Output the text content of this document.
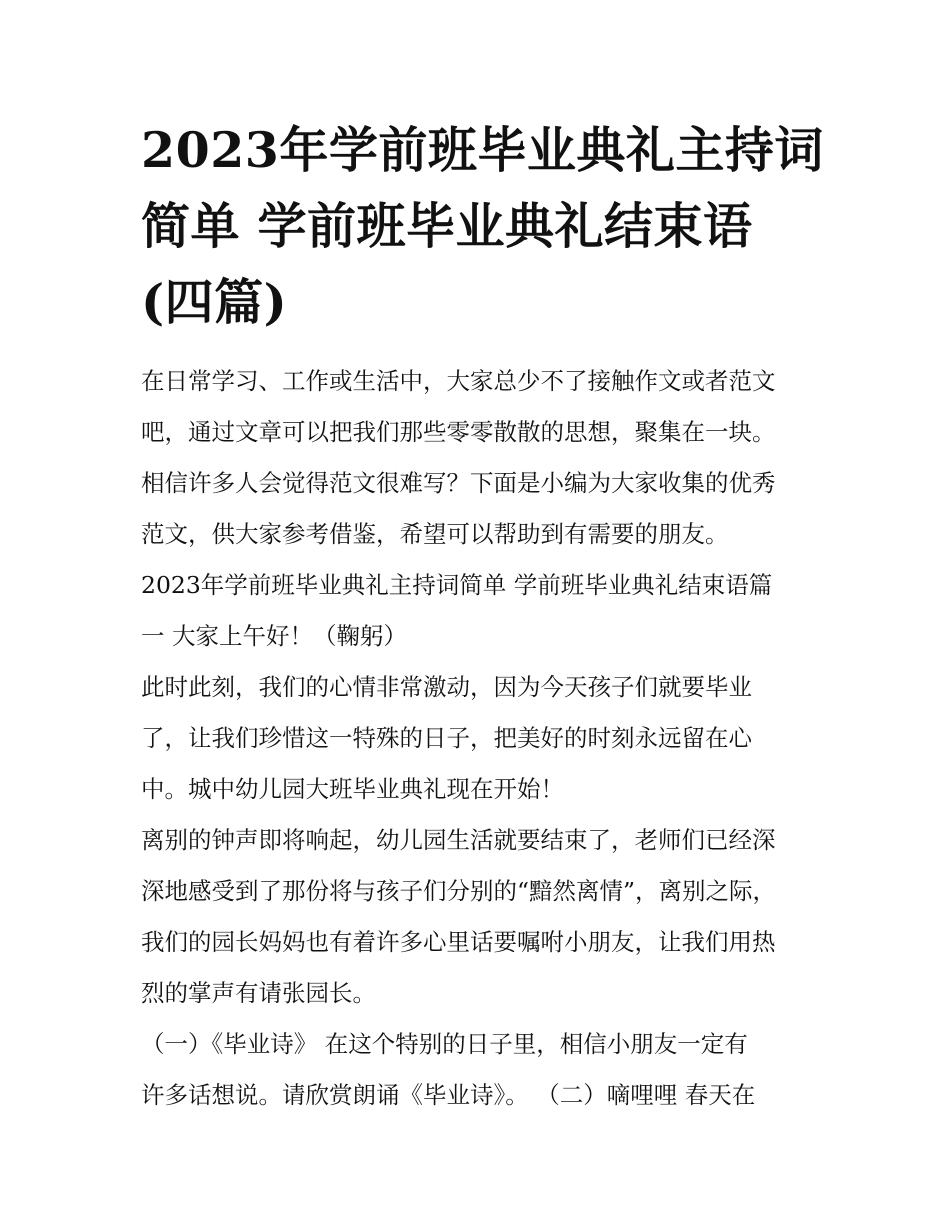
2023年学前班毕业典礼主持词
简单 学前班毕业典礼结束语
(四篇)
在日常学习、工作或生活中，大家总少不了接触作文或者范文
吧，通过文章可以把我们那些零零散散的思想，聚集在一块。
相信许多人会觉得范文很难写？下面是小编为大家收集的优秀
范文，供大家参考借鉴，希望可以帮助到有需要的朋友。
2023年学前班毕业典礼主持词简单 学前班毕业典礼结束语篇
一 大家上午好！（鞠躬）
此时此刻，我们的心情非常激动，因为今天孩子们就要毕业
了，让我们珍惜这一特殊的日子，把美好的时刻永远留在心
中。城中幼儿园大班毕业典礼现在开始！
离别的钟声即将响起，幼儿园生活就要结束了，老师们已经深
深地感受到了那份将与孩子们分别的“黯然离情”，离别之际，
我们的园长妈妈也有着许多心里话要嘱咐小朋友，让我们用热
烈的掌声有请张园长。
（一）《毕业诗》 在这个特别的日子里，相信小朋友一定有
许多话想说。请欣赏朗诵《毕业诗》。 （二）嘀哩哩 春天在
